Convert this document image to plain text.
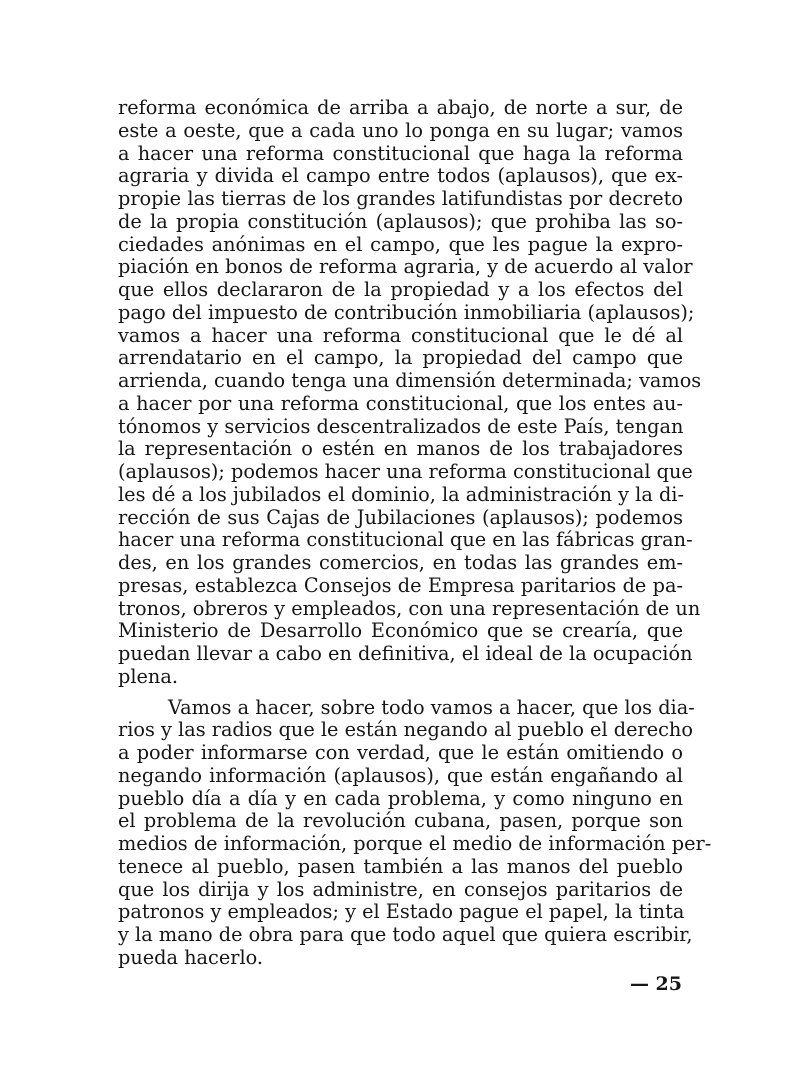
reforma económica de arriba a abajo, de norte a sur, de
este a oeste, que a cada uno lo ponga en su lugar; vamos
a hacer una reforma constitucional que haga la reforma
agraria y divida el campo entre todos (aplausos), que ex-
propie las tierras de los grandes latifundistas por decreto
de la propia constitución (aplausos); que prohiba las so-
ciedades anónimas en el campo, que les pague la expro-
piación en bonos de reforma agraria, y de acuerdo al valor
que ellos declararon de la propiedad y a los efectos del
pago del impuesto de contribución inmobiliaria (aplausos);
vamos a hacer una reforma constitucional que le dé al
arrendatario en el campo, la propiedad del campo que
arrienda, cuando tenga una dimensión determinada; vamos
a hacer por una reforma constitucional, que los entes au-
tónomos y servicios descentralizados de este País, tengan
la representación o estén en manos de los trabajadores
(aplausos); podemos hacer una reforma constitucional que
les dé a los jubilados el dominio, la administración y la di-
rección de sus Cajas de Jubilaciones (aplausos); podemos
hacer una reforma constitucional que en las fábricas gran-
des, en los grandes comercios, en todas las grandes em-
presas, establezca Consejos de Empresa paritarios de pa-
tronos, obreros y empleados, con una representación de un
Ministerio de Desarrollo Económico que se crearía, que
puedan llevar a cabo en definitiva, el ideal de la ocupación
plena.
Vamos a hacer, sobre todo vamos a hacer, que los dia-
rios y las radios que le están negando al pueblo el derecho
a poder informarse con verdad, que le están omitiendo o
negando información (aplausos), que están engañando al
pueblo día a día y en cada problema, y como ninguno en
el problema de la revolución cubana, pasen, porque son
medios de información, porque el medio de información per-
tenece al pueblo, pasen también a las manos del pueblo
que los dirija y los administre, en consejos paritarios de
patronos y empleados; y el Estado pague el papel, la tinta
y la mano de obra para que todo aquel que quiera escribir,
pueda hacerlo.
— 25
